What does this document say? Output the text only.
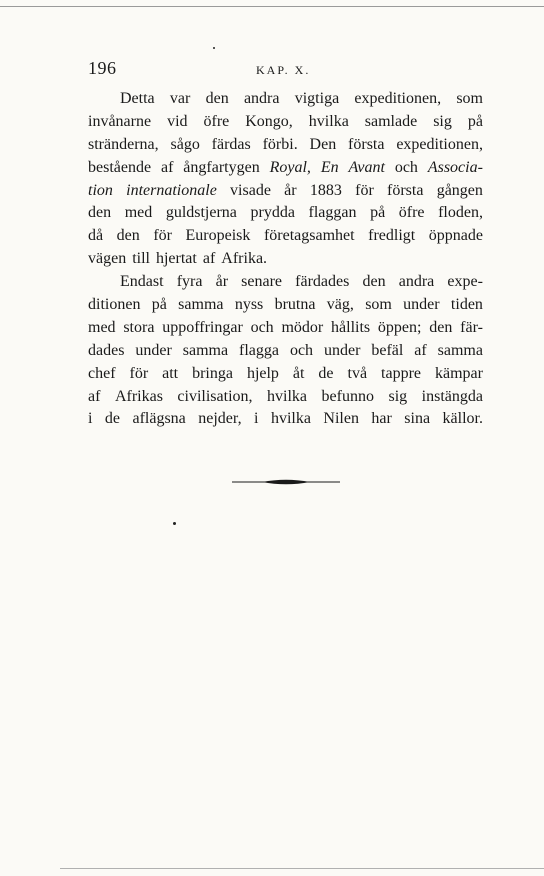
196	KAP. X.
Detta var den andra vigtiga expeditionen, som
invånarne vid öfre Kongo, hvilka samlade sig på
stränderna, sågo färdas förbi. Den första expeditionen,
bestående af ångfartygen Royal, En Avant och Associa-
tion internationale visade år 1883 för första gången
den med guldstjerna prydda flaggan på öfre floden,
då den för Europeisk företagsamhet fredligt öppnade
vägen till hjertat af Afrika.
Endast fyra år senare färdades den andra expe-
ditionen på samma nyss brutna väg, som under tiden
med stora uppoffringar och mödor hållits öppen; den fär-
dades under samma flagga och under befäl af samma
chef för att bringa hjelp åt de två tappre kämpar
af Afrikas civilisation, hvilka befunno sig instängda
i de aflägsna nejder, i hvilka Nilen har sina källor.
